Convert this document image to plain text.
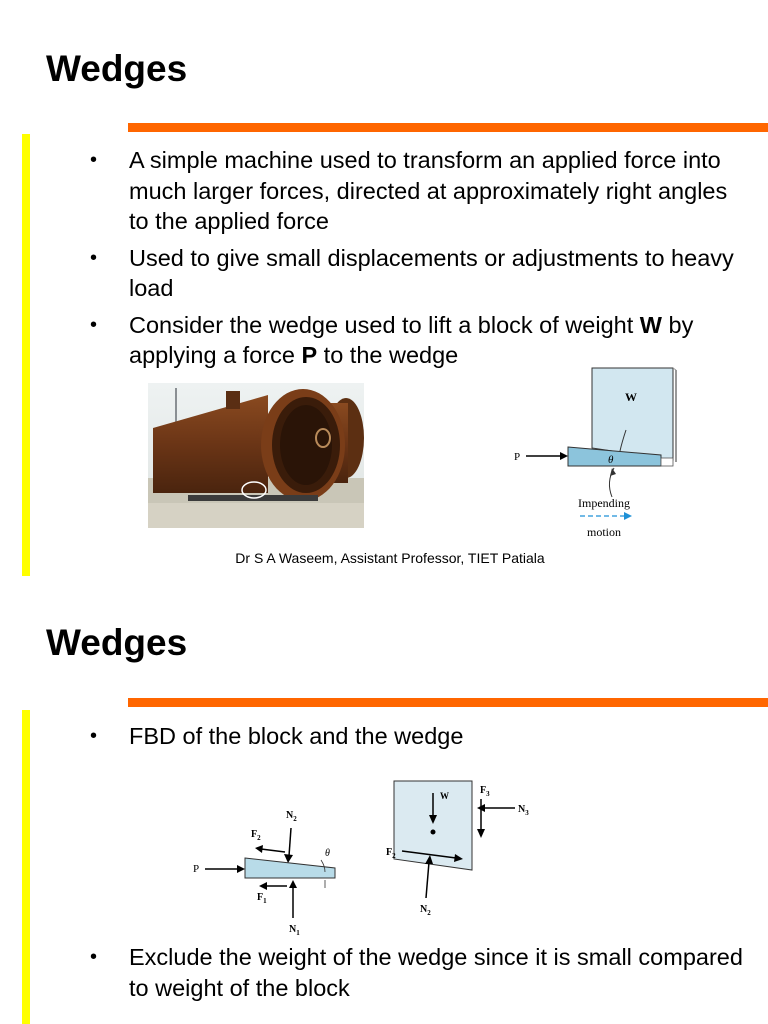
Wedges
• A simple machine used to transform an applied force into much larger forces, directed at approximately right angles to the applied force
• Used to give small displacements or adjustments to heavy load
• Consider the wedge used to lift a block of weight W by applying a force P to the wedge
W
θ
P
Impending
motion
Dr S A Waseem, Assistant Professor, TIET Patiala
Wedges
• FBD of the block and the wedge
P
$N_2$
$F_2$
θ
$F_1$
$N_1$
W	$F_3$
$N_3$
$F_2$
$N_2$
• Exclude the weight of the wedge since it is small compared to weight of the block
